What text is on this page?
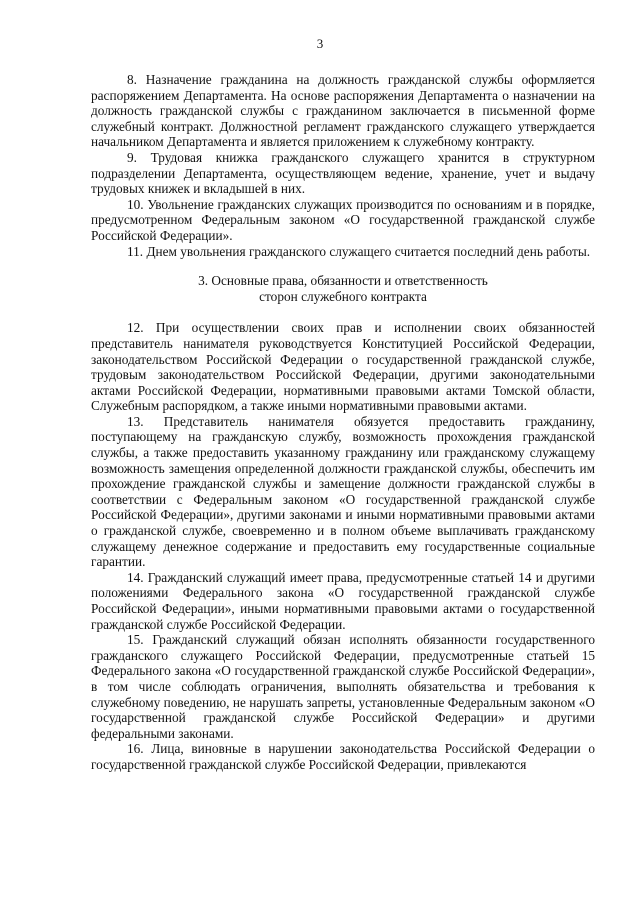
3

8. Назначение гражданина на должность гражданской службы оформляется распоряжением Департамента. На основе распоряжения Департамента о назначении на должность гражданской службы с гражданином заключается в письменной форме служебный контракт. Должностной регламент гражданского служащего утверждается начальником Департамента и является приложением к служебному контракту.

9. Трудовая книжка гражданского служащего хранится в структурном подразделении Департамента, осуществляющем ведение, хранение, учет и выдачу трудовых книжек и вкладышей в них.

10. Увольнение гражданских служащих производится по основаниям и в порядке, предусмотренном Федеральным законом «О государственной гражданской службе Российской Федерации».

11. Днем увольнения гражданского служащего считается последний день работы.

3. Основные права, обязанности и ответственность
сторон служебного контракта

12. При осуществлении своих прав и исполнении своих обязанностей представитель нанимателя руководствуется Конституцией Российской Федерации, законодательством Российской Федерации о государственной гражданской службе, трудовым законодательством Российской Федерации, другими законодательными актами Российской Федерации, нормативными правовыми актами Томской области, Служебным распорядком, а также иными нормативными правовыми актами.

13. Представитель нанимателя обязуется предоставить гражданину, поступающему на гражданскую службу, возможность прохождения гражданской службы, а также предоставить указанному гражданину или гражданскому служащему возможность замещения определенной должности гражданской службы, обеспечить им прохождение гражданской службы и замещение должности гражданской службы в соответствии с Федеральным законом «О государственной гражданской службе Российской Федерации», другими законами и иными нормативными правовыми актами о гражданской службе, своевременно и в полном объеме выплачивать гражданскому служащему денежное содержание и предоставить ему государственные социальные гарантии.

14. Гражданский служащий имеет права, предусмотренные статьей 14 и другими положениями Федерального закона «О государственной гражданской службе Российской Федерации», иными нормативными правовыми актами о государственной гражданской службе Российской Федерации.

15. Гражданский служащий обязан исполнять обязанности государственного гражданского служащего Российской Федерации, предусмотренные статьей 15 Федерального закона «О государственной гражданской службе Российской Федерации», в том числе соблюдать ограничения, выполнять обязательства и требования к служебному поведению, не нарушать запреты, установленные Федеральным законом «О государственной гражданской службе Российской Федерации» и другими федеральными законами.

16. Лица, виновные в нарушении законодательства Российской Федерации о государственной гражданской службе Российской Федерации, привлекаются
